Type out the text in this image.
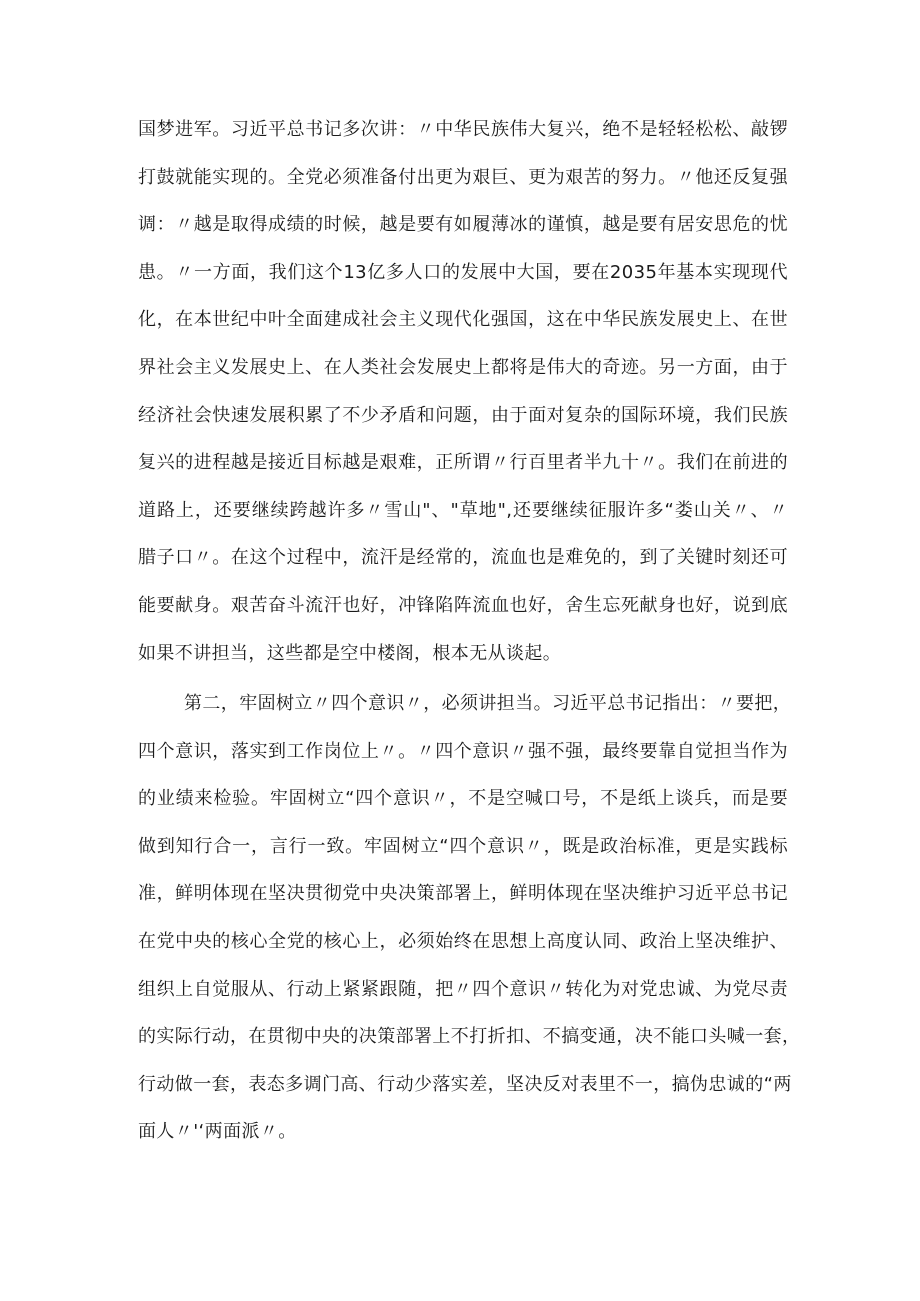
国梦进军。习近平总书记多次讲：〃中华民族伟大复兴，绝不是轻轻松松、敲锣
打鼓就能实现的。全党必须准备付出更为艰巨、更为艰苦的努力。〃他还反复强
调：〃越是取得成绩的时候，越是要有如履薄冰的谨慎，越是要有居安思危的忧
患。〃一方面，我们这个13亿多人口的发展中大国，要在2035年基本实现现代
化，在本世纪中叶全面建成社会主义现代化强国，这在中华民族发展史上、在世
界社会主义发展史上、在人类社会发展史上都将是伟大的奇迹。另一方面，由于
经济社会快速发展积累了不少矛盾和问题，由于面对复杂的国际环境，我们民族
复兴的进程越是接近目标越是艰难，正所谓〃行百里者半九十〃。我们在前进的
道路上，还要继续跨越许多〃雪山"、"草地",还要继续征服许多“娄山关〃、〃
腊子口〃。在这个过程中，流汗是经常的，流血也是难免的，到了关键时刻还可
能要献身。艰苦奋斗流汗也好，冲锋陷阵流血也好，舍生忘死献身也好，说到底
如果不讲担当，这些都是空中楼阁，根本无从谈起。

第二，牢固树立〃四个意识〃，必须讲担当。习近平总书记指出：〃要把，
四个意识，落实到工作岗位上〃。〃四个意识〃强不强，最终要靠自觉担当作为
的业绩来检验。牢固树立“四个意识〃，不是空喊口号，不是纸上谈兵，而是要
做到知行合一，言行一致。牢固树立“四个意识〃，既是政治标准，更是实践标
准，鲜明体现在坚决贯彻党中央决策部署上，鲜明体现在坚决维护习近平总书记
在党中央的核心全党的核心上，必须始终在思想上高度认同、政治上坚决维护、
组织上自觉服从、行动上紧紧跟随，把〃四个意识〃转化为对党忠诚、为党尽责
的实际行动，在贯彻中央的决策部署上不打折扣、不搞变通，决不能口头喊一套，
行动做一套，表态多调门高、行动少落实差，坚决反对表里不一，搞伪忠诚的“两
面人〃'‘两面派〃。
